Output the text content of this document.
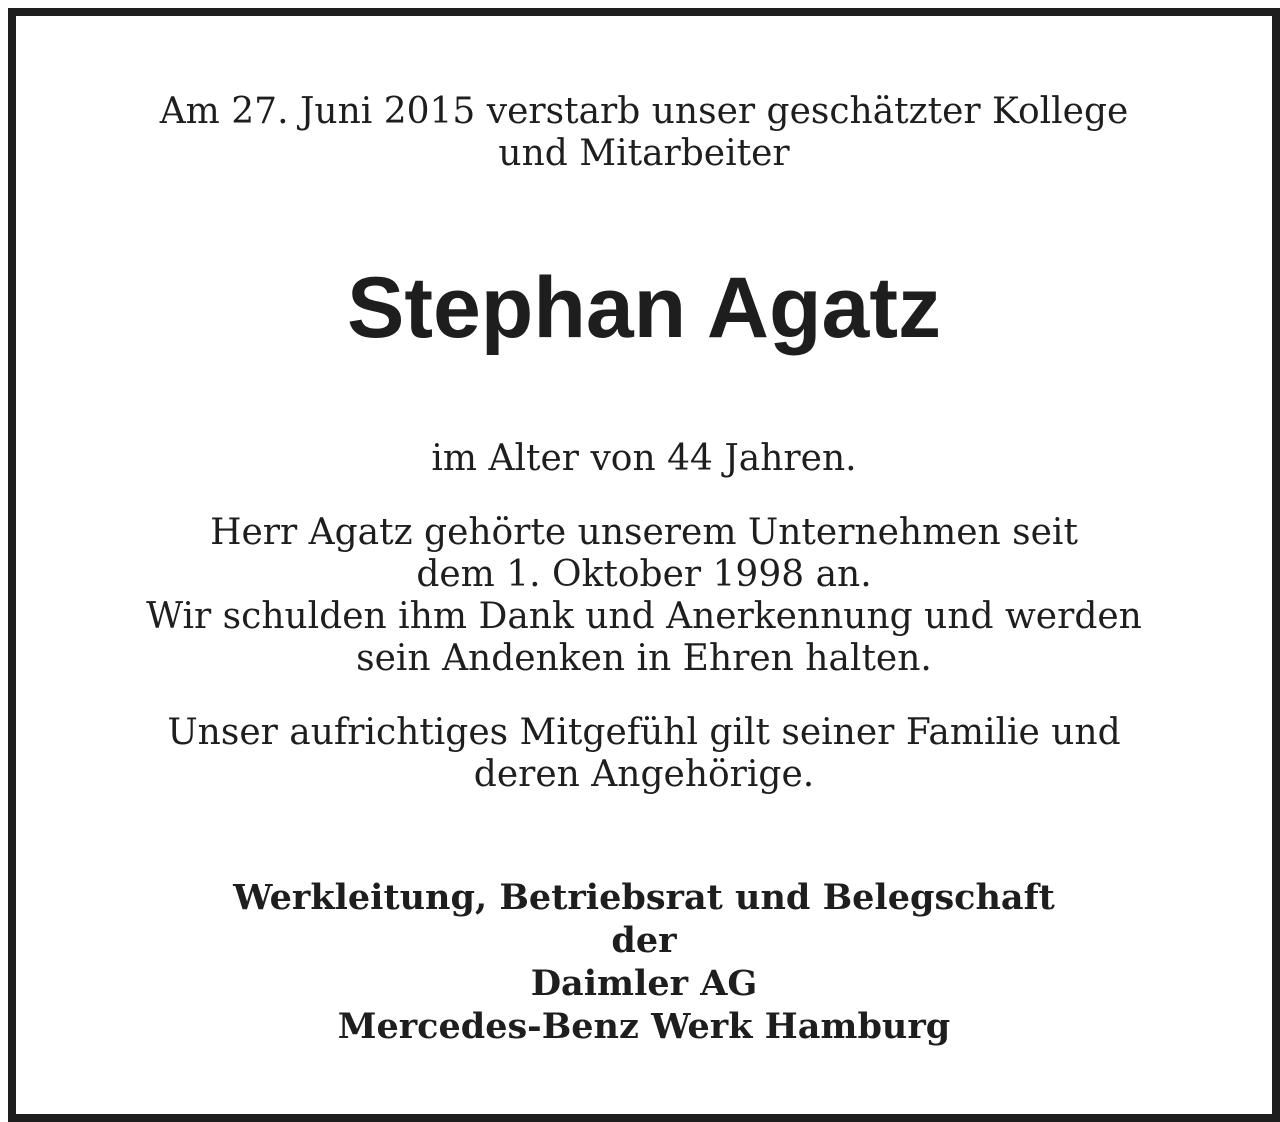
Am 27. Juni 2015 verstarb unser geschätzter Kollege
und Mitarbeiter
Stephan Agatz
im Alter von 44 Jahren.
Herr Agatz gehörte unserem Unternehmen seit
dem 1. Oktober 1998 an.
Wir schulden ihm Dank und Anerkennung und werden
sein Andenken in Ehren halten.
Unser aufrichtiges Mitgefühl gilt seiner Familie und
deren Angehörige.
Werkleitung, Betriebsrat und Belegschaft
der
Daimler AG
Mercedes-Benz Werk Hamburg
